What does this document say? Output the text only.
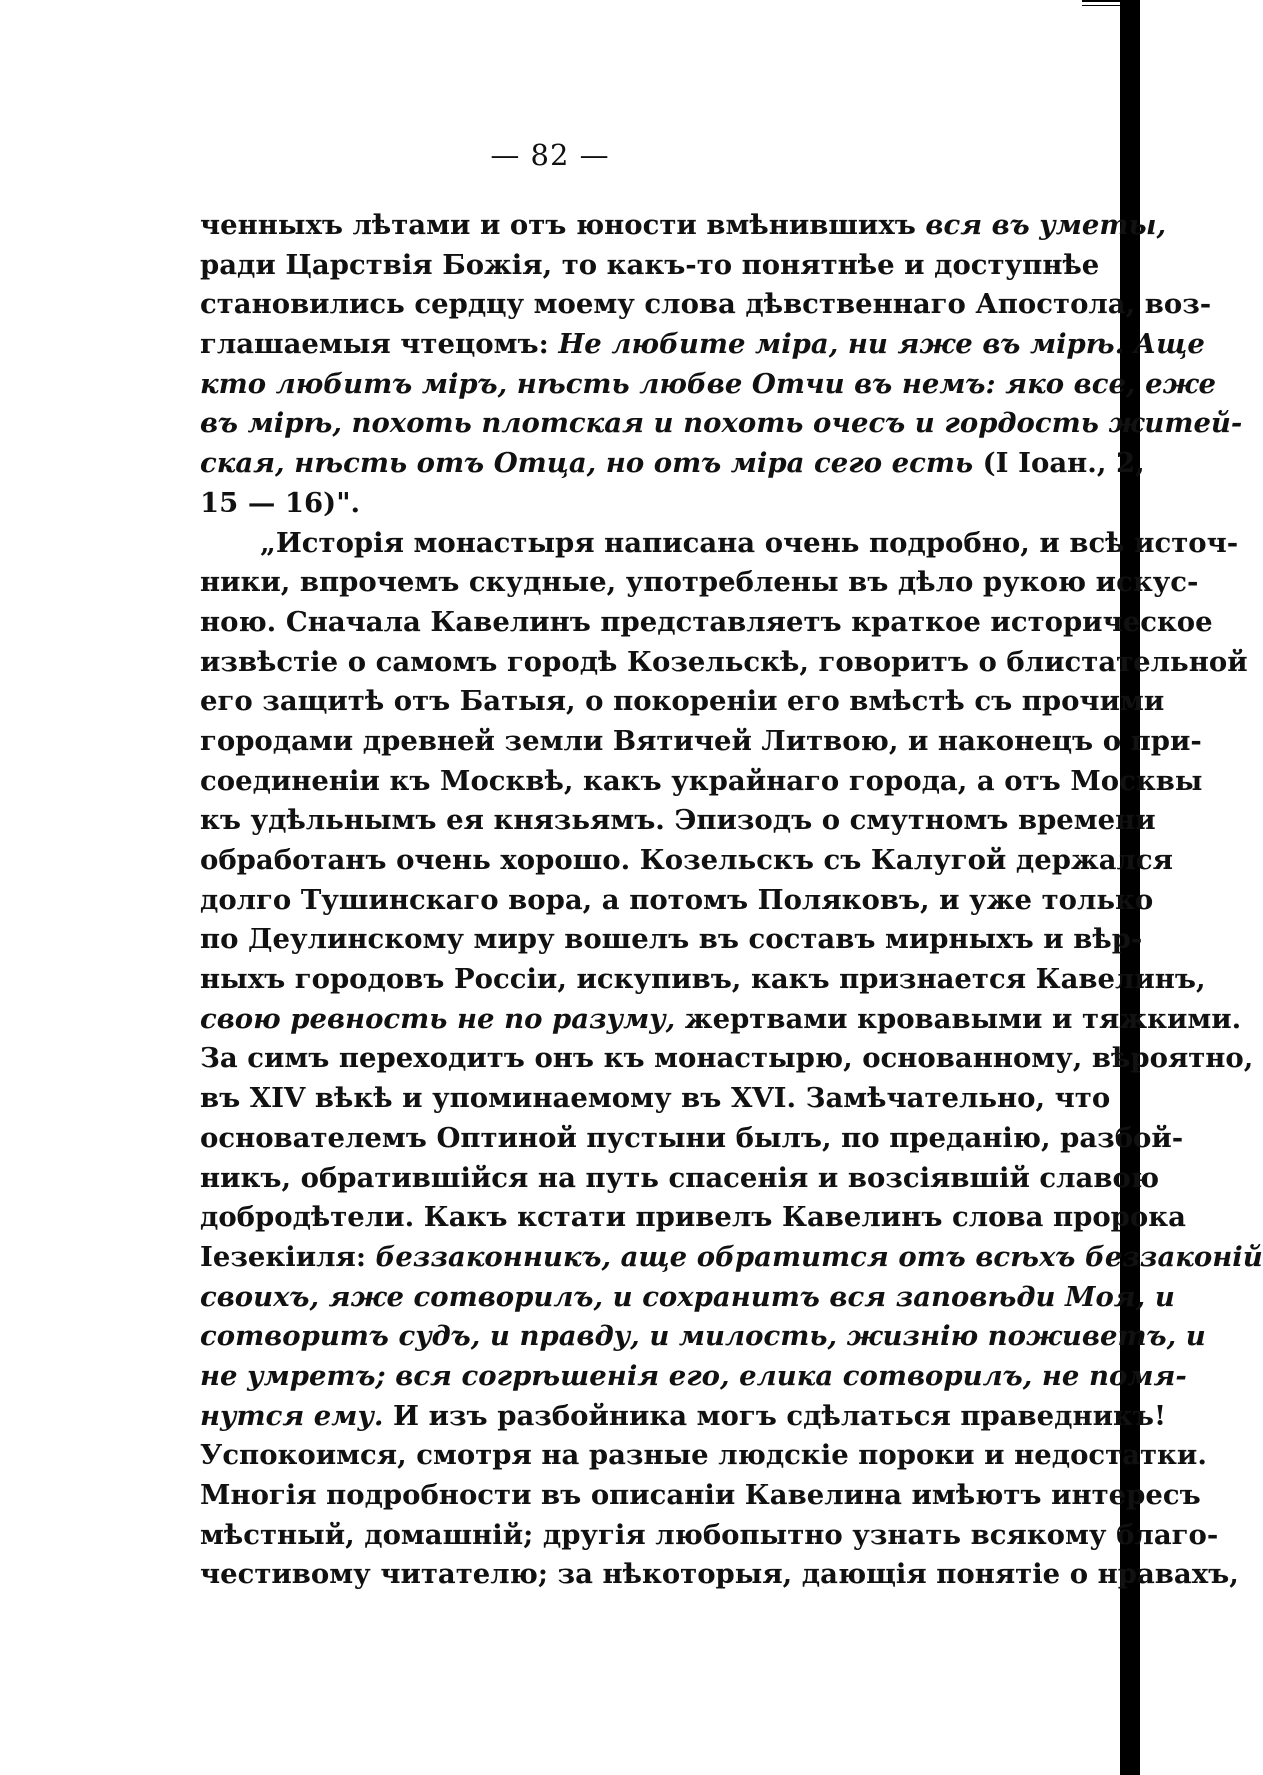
— 82 —
ченныхъ лѣтами и отъ юности вмѣнившихъ вся въ уметы,
ради Царствія Божія, то какъ-то понятнѣе и доступнѣе
становились сердцу моему слова дѣвственнаго Апостола, воз-
глашаемыя чтецомъ: Не любите міра, ни яже въ мірѣ. Аще
кто любитъ міръ, нѣсть любве Отчи въ немъ: яко все, еже
въ мірѣ, похоть плотская и похоть очесъ и гордость житей-
ская, нѣсть отъ Отца, но отъ міра сего есть (I Іоан., 2,
15 — 16)".
„Исторія монастыря написана очень подробно, и всѣ источ-
ники, впрочемъ скудные, употреблены въ дѣло рукою искус-
ною. Сначала Кавелинъ представляетъ краткое историческое
извѣстіе о самомъ городѣ Козельскѣ, говоритъ о блистательной
его защитѣ отъ Батыя, о покореніи его вмѣстѣ съ прочими
городами древней земли Вятичей Литвою, и наконецъ о при-
соединеніи къ Москвѣ, какъ украйнаго города, а отъ Москвы
къ удѣльнымъ ея князьямъ. Эпизодъ о смутномъ времени
обработанъ очень хорошо. Козельскъ съ Калугой держался
долго Тушинскаго вора, а потомъ Поляковъ, и уже только
по Деулинскому миру вошелъ въ составъ мирныхъ и вѣр-
ныхъ городовъ Россіи, искупивъ, какъ признается Кавелинъ,
свою ревность не по разуму, жертвами кровавыми и тяжкими.
За симъ переходитъ онъ къ монастырю, основанному, вѣроятно,
въ XIV вѣкѣ и упоминаемому въ XVI. Замѣчательно, что
основателемъ Оптиной пустыни былъ, по преданію, разбой-
никъ, обратившійся на путь спасенія и возсіявшій славою
добродѣтели. Какъ кстати привелъ Кавелинъ слова пророка
Іезекіиля: беззаконникъ, аще обратится отъ всѣхъ беззаконій
своихъ, яже сотворилъ, и сохранитъ вся заповѣди Моя, и
сотворитъ судъ, и правду, и милость, жизнію поживетъ, и
не умретъ; вся согрѣшенія его, елика сотворилъ, не помя-
нутся ему. И изъ разбойника могъ сдѣлаться праведникъ!
Успокоимся, смотря на разные людскіе пороки и недостатки.
Многія подробности въ описаніи Кавелина имѣютъ интересъ
мѣстный, домашній; другія любопытно узнать всякому благо-
честивому читателю; за нѣкоторыя, дающія понятіе о нравахъ,
